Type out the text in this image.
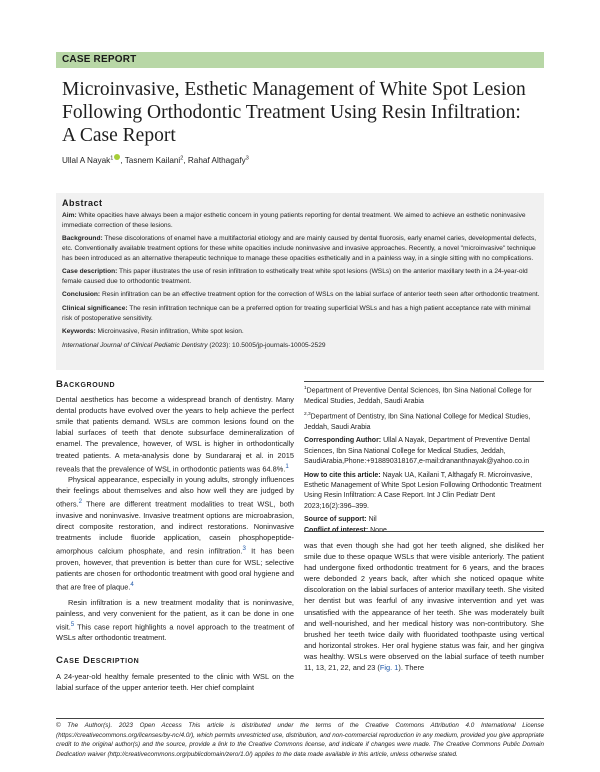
CASE REPORT
Microinvasive, Esthetic Management of White Spot Lesion
Following Orthodontic Treatment Using Resin Infiltration:
A Case Report
Ullal A Nayak$^1$ , Tasnem Kailani$^2$, Rahaf Althagafy$^3$
Abstract

Aim: White opacities have always been a major esthetic concern in young patients reporting for dental treatment. We aimed to achieve an esthetic noninvasive immediate correction of these lesions.

Background: These discolorations of enamel have a multifactorial etiology and are mainly caused by dental fluorosis, early enamel caries, developmental defects, etc. Conventionally available treatment options for these white opacities include noninvasive and invasive approaches. Recently, a novel "microinvasive" technique has been introduced as an alternative therapeutic technique to manage these opacities esthetically and in a painless way, in a single sitting with no complications.

Case description: This paper illustrates the use of resin infiltration to esthetically treat white spot lesions (WSLs) on the anterior maxillary teeth in a 24-year-old female caused due to orthodontic treatment.

Conclusion: Resin infiltration can be an effective treatment option for the correction of WSLs on the labial surface of anterior teeth seen after orthodontic treatment.

Clinical significance: The resin infiltration technique can be a preferred option for treating superficial WSLs and has a high patient acceptance rate with minimal risk of postoperative sensitivity.

Keywords: Microinvasive, Resin infiltration, White spot lesion.

International Journal of Clinical Pediatric Dentistry (2023): 10.5005/jp-journals-10005-2529

Background

Dental aesthetics has become a widespread branch of dentistry. Many dental products have evolved over the years to help achieve the perfect smile that patients demand. WSLs are common lesions found on the labial surfaces of teeth that denote subsurface demineralization of enamel. The prevalence, however, of WSL is higher in orthodontically treated patients. A meta-analysis done by Sundararaj et al. in 2015 reveals that the prevalence of WSL in orthodontic patients was 64.8%.$^1$

Physical appearance, especially in young adults, strongly influences their feelings about themselves and also how well they are judged by others.$^2$ There are different treatment modalities to treat WSL, both invasive and noninvasive. Invasive treatment options are microabrasion, direct composite restoration, and indirect restorations. Noninvasive treatments include fluoride application, casein phosphopeptide-amorphous calcium phosphate, and resin infiltration.$^3$ It has been proven, however, that prevention is better than cure for WSL; selective patients are chosen for orthodontic treatment with good oral hygiene and that are free of plaque.$^4$

Resin infiltration is a new treatment modality that is noninvasive, painless, and very convenient for the patient, as it can be done in one visit.$^5$ This case report highlights a novel approach to the treatment of WSLs after orthodontic treatment.

Case Description

A 24-year-old healthy female presented to the clinic with WSL on the labial surface of the upper anterior teeth. Her chief complaint

$^1$Department of Preventive Dental Sciences, Ibn Sina National College for Medical Studies, Jeddah, Saudi Arabia

$^{2,3}$Department of Dentistry, Ibn Sina National College for Medical Studies, Jeddah, Saudi Arabia

Corresponding Author: Ullal A Nayak, Department of Preventive Dental Sciences, Ibn Sina National College for Medical Studies, Jeddah, SaudiArabia,Phone:+918890318167,e-mail:drananthnayak@yahoo.co.in

How to cite this article: Nayak UA, Kailani T, Althagafy R. Microinvasive, Esthetic Management of White Spot Lesion Following Orthodontic Treatment Using Resin Infiltration: A Case Report. Int J Clin Pediatr Dent 2023;16(2):396–399.

Source of support: Nil

Conflict of interest: None

was that even though she had got her teeth aligned, she disliked her smile due to these opaque WSLs that were visible anteriorly. The patient had undergone fixed orthodontic treatment for 6 years, and the braces were debonded 2 years back, after which she noticed opaque white discoloration on the labial surfaces of anterior maxillary teeth. She visited her dentist but was fearful of any invasive intervention and yet was unsatisfied with the appearance of her teeth. She was moderately built and well-nourished, and her medical history was non-contributory. She brushed her teeth twice daily with fluoridated toothpaste using vertical and horizontal strokes. Her oral hygiene status was fair, and her gingiva was healthy. WSLs were observed on the labial surface of teeth number 11, 13, 21, 22, and 23 (Fig. 1). There

© The Author(s). 2023 Open Access This article is distributed under the terms of the Creative Commons Attribution 4.0 International License (https://creativecommons.org/licenses/by-nc/4.0/), which permits unrestricted use, distribution, and non-commercial reproduction in any medium, provided you give appropriate credit to the original author(s) and the source, provide a link to the Creative Commons license, and indicate if changes were made. The Creative Commons Public Domain Dedication waiver (http://creativecommons.org/publicdomain/zero/1.0/) applies to the data made available in this article, unless otherwise stated.
